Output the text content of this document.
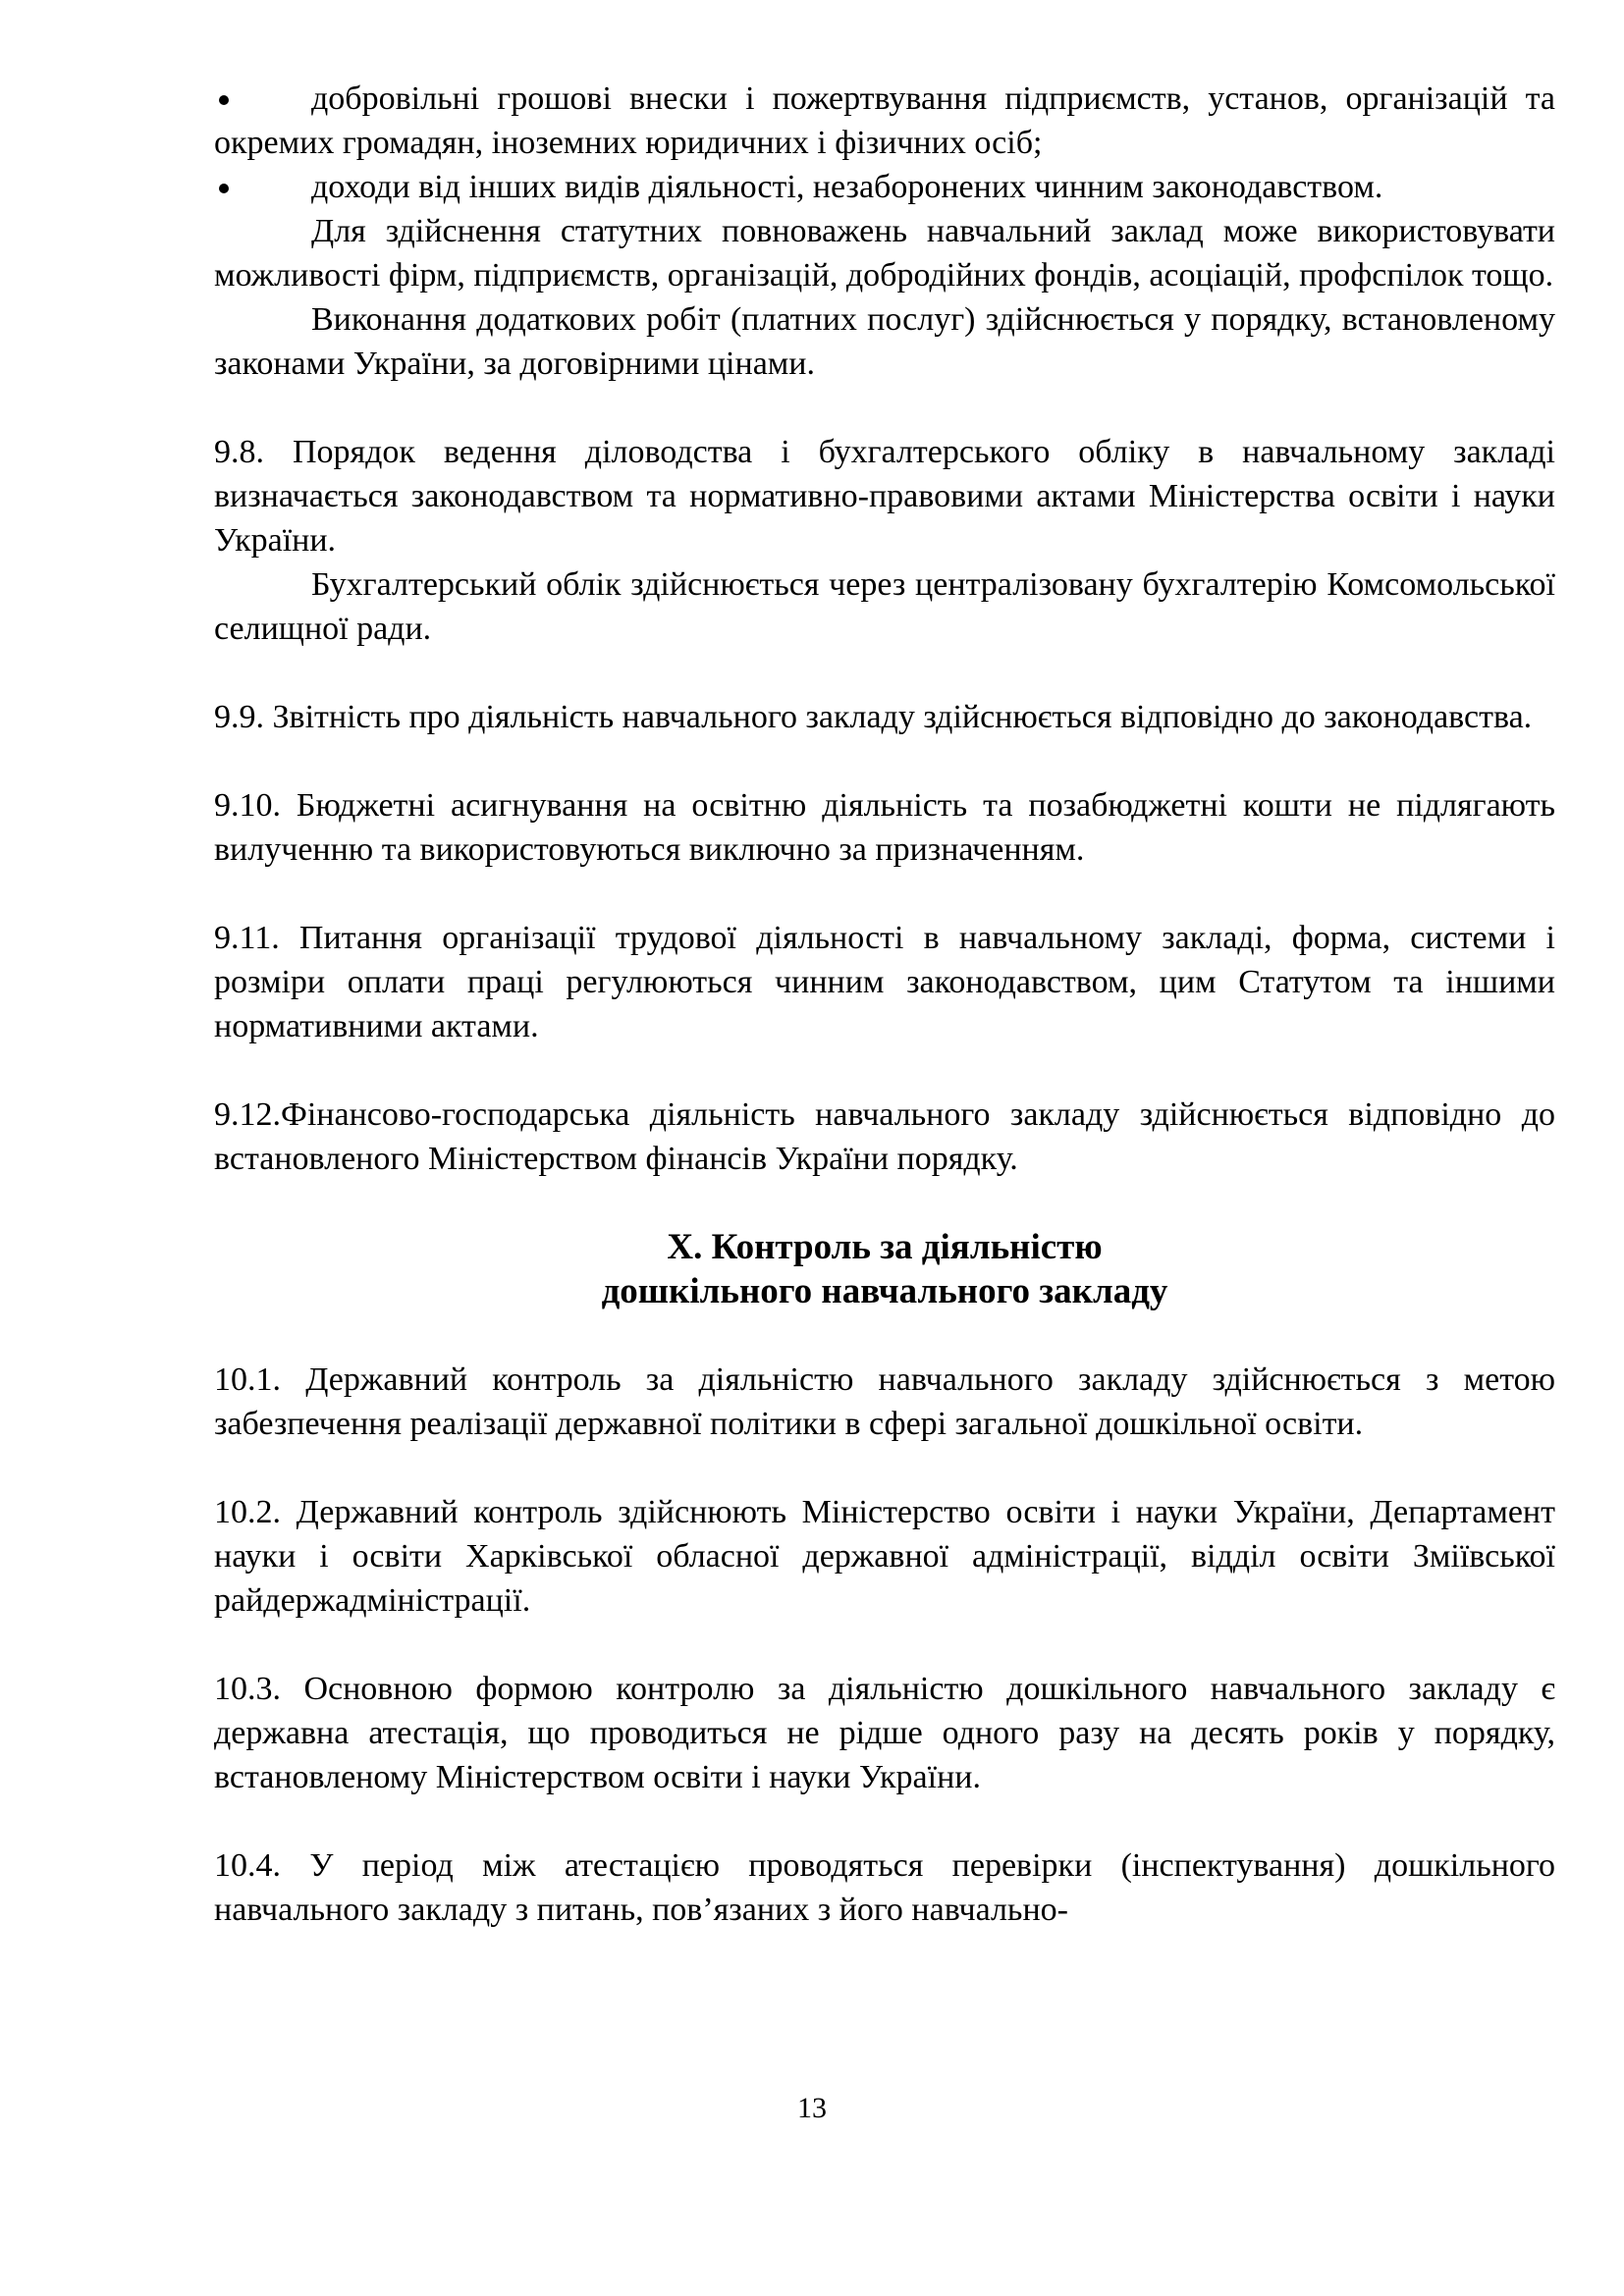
добровільні грошові внески і пожертвування підприємств, установ, організацій та окремих громадян, іноземних юридичних і фізичних осіб;
доходи від інших видів діяльності, незаборонених чинним законодавством.

Для здійснення статутних повноважень навчальний заклад може використовувати можливості фірм, підприємств, організацій, добродійних фондів, асоціацій, профспілок тощо.

Виконання додаткових робіт (платних послуг) здійснюється у порядку, встановленому законами України, за договірними цінами.

9.8. Порядок ведення діловодства і бухгалтерського обліку в навчальному закладі визначається законодавством та нормативно-правовими актами Міністерства освіти і науки України.

Бухгалтерський облік здійснюється через централізовану бухгалтерію Комсомольської селищної ради.

9.9. Звітність про діяльність навчального закладу здійснюється відповідно до законодавства.

9.10. Бюджетні асигнування на освітню діяльність та позабюджетні кошти не підлягають вилученню та використовуються виключно за призначенням.

9.11. Питання організації трудової діяльності в навчальному закладі, форма, системи і розміри оплати праці регулюються чинним законодавством, цим Статутом та іншими нормативними актами.

9.12.Фінансово-господарська діяльність навчального закладу здійснюється відповідно до встановленого Міністерством фінансів України порядку.

X. Контроль за діяльністю
дошкільного навчального закладу

10.1. Державний контроль за діяльністю навчального закладу здійснюється з метою забезпечення реалізації державної політики в сфері загальної дошкільної освіти.

10.2. Державний контроль здійснюють Міністерство освіти і науки України, Департамент науки і освіти Харківської обласної державної адміністрації, відділ освіти Зміївської райдержадміністрації.

10.3. Основною формою контролю за діяльністю дошкільного навчального закладу є державна атестація, що проводиться не рідше одного разу на десять років у порядку, встановленому Міністерством освіти і науки України.

10.4. У період між атестацією проводяться перевірки (інспектування) дошкільного навчального закладу з питань, пов’язаних з його навчально-

13
